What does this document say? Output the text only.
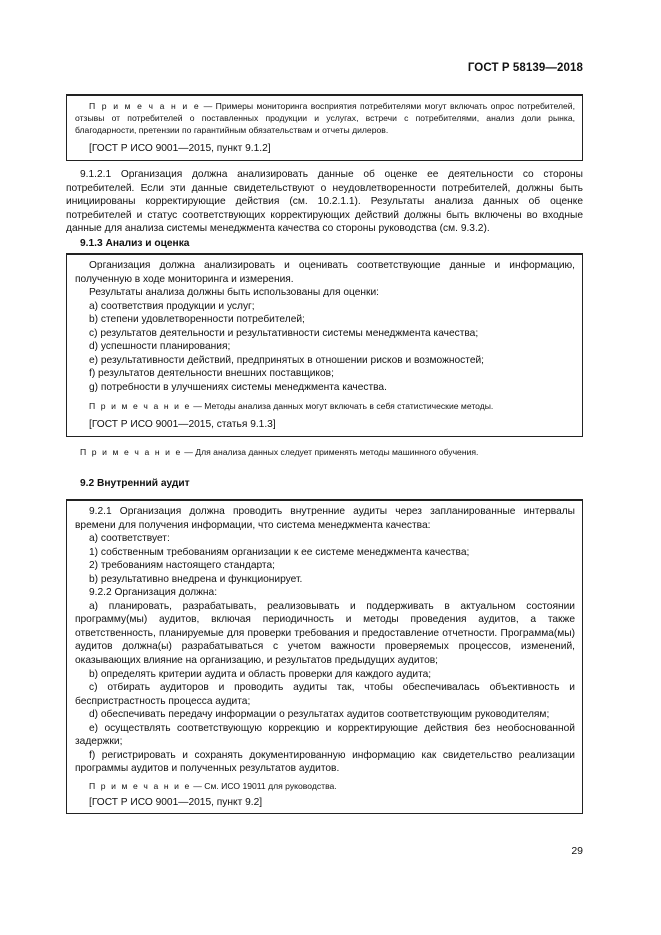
ГОСТ Р 58139—2018

П р и м е ч а н и е — Примеры мониторинга восприятия потребителями могут включать опрос потребителей, отзывы от потребителей о поставленных продукции и услугах, встречи с потребителями, анализ доли рынка, благодарности, претензии по гарантийным обязательствам и отчеты дилеров.

[ГОСТ Р ИСО 9001—2015, пункт 9.1.2]

9.1.2.1 Организация должна анализировать данные об оценке ее деятельности со стороны потребителей. Если эти данные свидетельствуют о неудовлетворенности потребителей, должны быть инициированы корректирующие действия (см. 10.2.1.1). Результаты анализа данных об оценке потребителей и статус соответствующих корректирующих действий должны быть включены во входные данные для анализа системы менеджмента качества со стороны руководства (см. 9.3.2).

9.1.3 Анализ и оценка

Организация должна анализировать и оценивать соответствующие данные и информацию, полученную в ходе мониторинга и измерения.

Результаты анализа должны быть использованы для оценки:

a) соответствия продукции и услуг;

b) степени удовлетворенности потребителей;

c) результатов деятельности и результативности системы менеджмента качества;

d) успешности планирования;

e) результативности действий, предпринятых в отношении рисков и возможностей;

f) результатов деятельности внешних поставщиков;

g) потребности в улучшениях системы менеджмента качества.

П р и м е ч а н и е — Методы анализа данных могут включать в себя статистические методы.

[ГОСТ Р ИСО 9001—2015, статья 9.1.3]

П р и м е ч а н и е — Для анализа данных следует применять методы машинного обучения.

9.2 Внутренний аудит

9.2.1 Организация должна проводить внутренние аудиты через запланированные интервалы времени для получения информации, что система менеджмента качества:

a) соответствует:

1) собственным требованиям организации к ее системе менеджмента качества;

2) требованиям настоящего стандарта;

b) результативно внедрена и функционирует.

9.2.2 Организация должна:

a) планировать, разрабатывать, реализовывать и поддерживать в актуальном состоянии программу(мы) аудитов, включая периодичность и методы проведения аудитов, а также ответственность, планируемые для проверки требования и предоставление отчетности. Программа(мы) аудитов должна(ы) разрабатываться с учетом важности проверяемых процессов, изменений, оказывающих влияние на организацию, и результатов предыдущих аудитов;

b) определять критерии аудита и область проверки для каждого аудита;

c) отбирать аудиторов и проводить аудиты так, чтобы обеспечивалась объективность и беспристрастность процесса аудита;

d) обеспечивать передачу информации о результатах аудитов соответствующим руководителям;

e) осуществлять соответствующую коррекцию и корректирующие действия без необоснованной задержки;

f) регистрировать и сохранять документированную информацию как свидетельство реализации программы аудитов и полученных результатов аудитов.

П р и м е ч а н и е — См. ИСО 19011 для руководства.

[ГОСТ Р ИСО 9001—2015, пункт 9.2]

29
